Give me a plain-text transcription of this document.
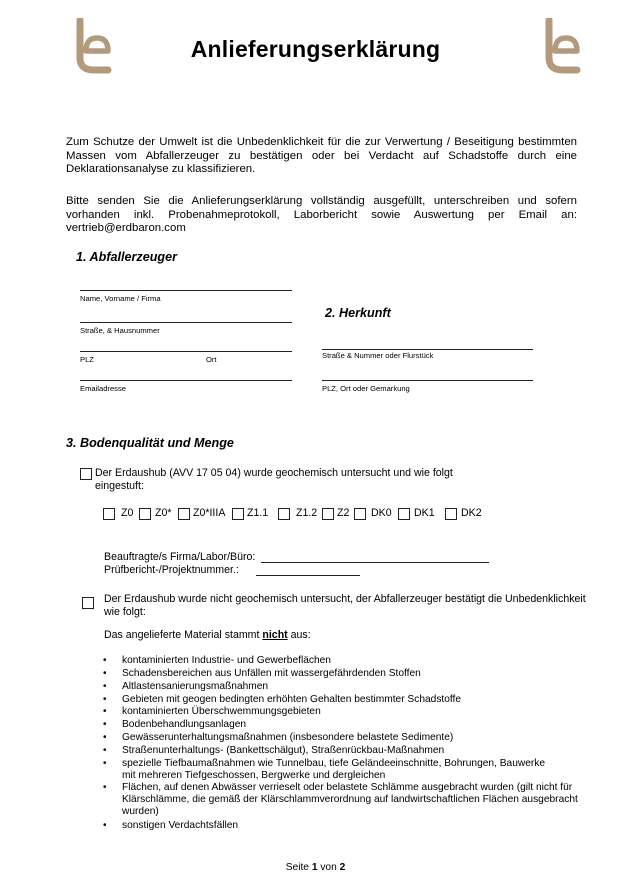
Anlieferungserklärung
Zum Schutze der Umwelt ist die Unbedenklichkeit für die zur Verwertung / Beseitigung bestimmten Massen vom Abfallerzeuger zu bestätigen oder bei Verdacht auf Schadstoffe durch eine Deklarationsanalyse zu klassifizieren.
Bitte senden Sie die Anlieferungserklärung vollständig ausgefüllt, unterschreiben und sofern vorhanden inkl. Probenahmeprotokoll, Laborbericht sowie Auswertung per Email an: vertrieb@erdbaron.com
1. Abfallerzeuger
Name, Vorname / Firma
Straße, & Hausnummer
PLZ	Ort
Emailadresse
2. Herkunft
Straße & Nummer oder Flurstück
PLZ, Ort oder Gemarkung
3. Bodenqualität und Menge
Der Erdaushub (AVV 17 05 04) wurde geochemisch untersucht und wie folgt
eingestuft:
Z0 Z0* Z0*IIIA Z1.1	Z1.2 Z2 DK0 DK1 DK2
Beauftragte/s Firma/Labor/Büro:
Prüfbericht-/Projektnummer.:
Der Erdaushub wurde nicht geochemisch untersucht, der Abfallerzeuger bestätigt die Unbedenklichkeit
wie folgt:
Das angelieferte Material stammt nicht aus:
• kontaminierten Industrie- und Gewerbeflächen
• Schadensbereichen aus Unfällen mit wassergefährdenden Stoffen
• Altlastensanierungsmaßnahmen
• Gebieten mit geogen bedingten erhöhten Gehalten bestimmter Schadstoffe
• kontaminierten Überschwemmungsgebieten
• Bodenbehandlungsanlagen
• Gewässerunterhaltungsmaßnahmen (insbesondere belastete Sedimente)
• Straßenunterhaltungs- (Bankettschälgut), Straßenrückbau-Maßnahmen
• spezielle Tiefbaumaßnahmen wie Tunnelbau, tiefe Geländeeinschnitte, Bohrungen, Bauwerke mit mehreren Tiefgeschossen, Bergwerke und dergleichen
• Flächen, auf denen Abwässer verrieselt oder belastete Schlämme ausgebracht wurden (gilt nicht für Klärschlämme, die gemäß der Klärschlammverordnung auf landwirtschaftlichen Flächen ausgebracht wurden)
• sonstigen Verdachtsfällen
Seite 1 von 2
